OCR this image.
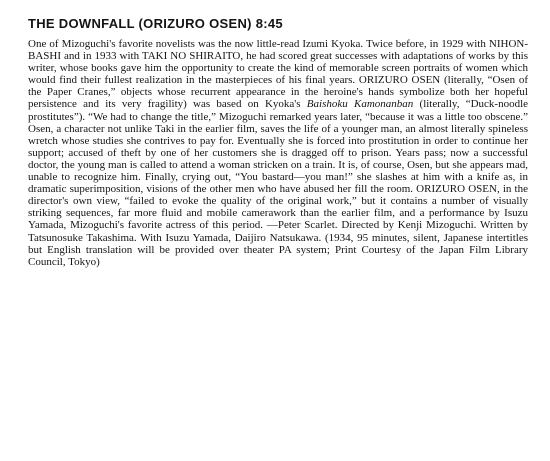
THE DOWNFALL (ORIZURO OSEN) 8:45

One of Mizoguchi's favorite novelists was the now little-read Izumi Kyoka. Twice before, in 1929 with NIHON-BASHI and in 1933 with TAKI NO SHIRAITO, he had scored great successes with adaptations of works by this writer, whose books gave him the opportunity to create the kind of memorable screen portraits of women which would find their fullest realization in the masterpieces of his final years. ORIZURO OSEN (literally, “Osen of the Paper Cranes,” objects whose recurrent appearance in the heroine's hands symbolize both her hopeful persistence and its very fragility) was based on Kyoka's Baishoku Kamonanban (literally, “Duck-noodle prostitutes”). “We had to change the title,” Mizoguchi remarked years later, “because it was a little too obscene.” Osen, a character not unlike Taki in the earlier film, saves the life of a younger man, an almost literally spineless wretch whose studies she contrives to pay for. Eventually she is forced into prostitution in order to continue her support; accused of theft by one of her customers she is dragged off to prison. Years pass; now a successful doctor, the young man is called to attend a woman stricken on a train. It is, of course, Osen, but she appears mad, unable to recognize him. Finally, crying out, “You bastard—you man!” she slashes at him with a knife as, in dramatic superimposition, visions of the other men who have abused her fill the room. ORIZURO OSEN, in the director's own view, “failed to evoke the quality of the original work,” but it contains a number of visually striking sequences, far more fluid and mobile camerawork than the earlier film, and a performance by Isuzu Yamada, Mizoguchi's favorite actress of this period. —Peter Scarlet. Directed by Kenji Mizoguchi. Written by Tatsunosuke Takashima. With Isuzu Yamada, Daijiro Natsukawa. (1934, 95 minutes, silent, Japanese intertitles but English translation will be provided over theater PA system; Print Courtesy of the Japan Film Library Council, Tokyo)
